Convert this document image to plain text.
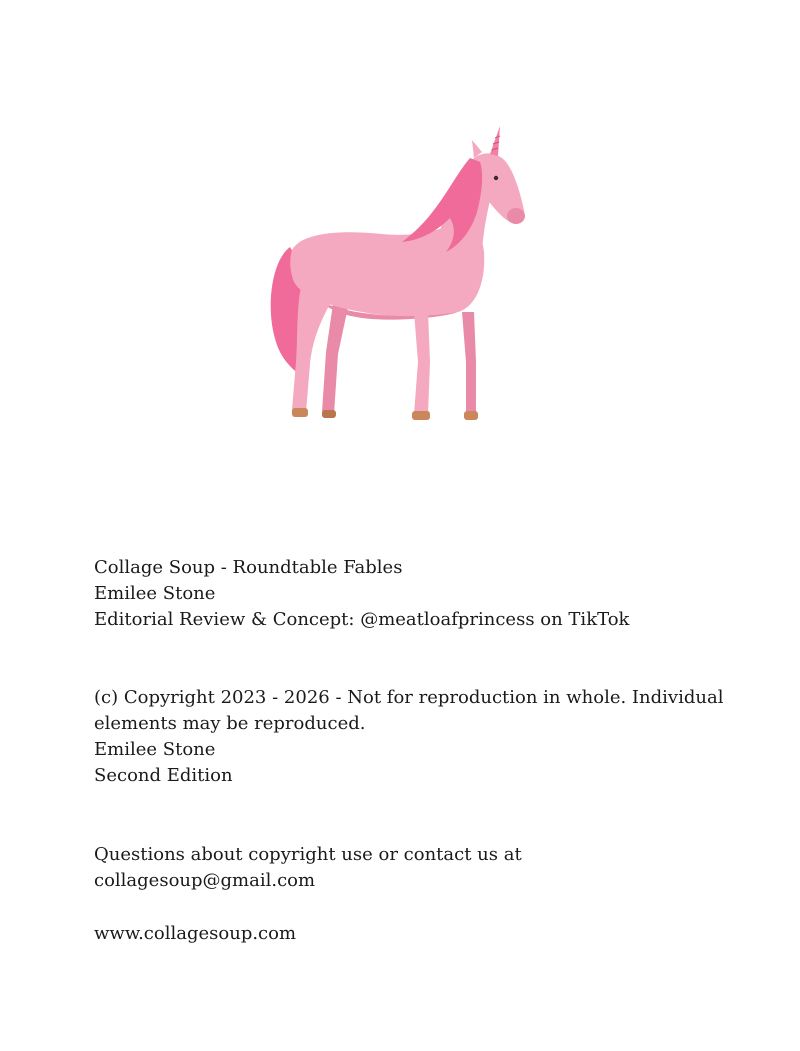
Collage Soup - Roundtable Fables
Emilee Stone
Editorial Review & Concept: @meatloafprincess on TikTok
(c) Copyright 2023 - 2026 - Not for reproduction in whole. Individual elements may be reproduced.
Emilee Stone
Second Edition
Questions about copyright use or contact us at
collagesoup@gmail.com
www.collagesoup.com
